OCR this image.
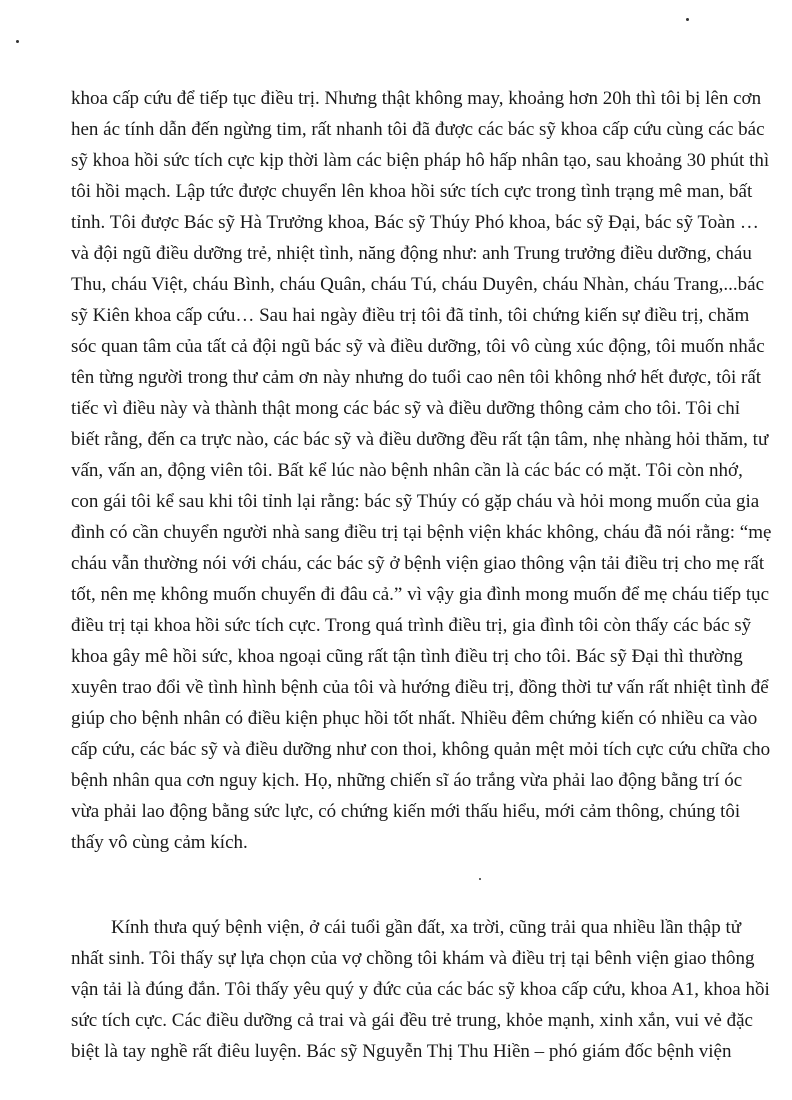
khoa cấp cứu để tiếp tục điều trị. Nhưng thật không may, khoảng hơn 20h thì tôi bị lên cơn
hen ác tính dẫn đến ngừng tim, rất nhanh tôi đã được các bác sỹ khoa cấp cứu cùng các bác
sỹ khoa hồi sức tích cực kịp thời làm các biện pháp hô hấp nhân tạo, sau khoảng 30 phút thì
tôi hồi mạch. Lập tức được chuyển lên khoa hồi sức tích cực trong tình trạng mê man, bất
tỉnh. Tôi được Bác sỹ Hà Trưởng khoa, Bác sỹ Thúy Phó khoa, bác sỹ Đại, bác sỹ Toàn …
và đội ngũ điều dưỡng trẻ, nhiệt tình, năng động như: anh Trung trưởng điều dưỡng, cháu
Thu, cháu Việt, cháu Bình, cháu Quân, cháu Tú, cháu Duyên, cháu Nhàn, cháu Trang,...bác
sỹ Kiên khoa cấp cứu… Sau hai ngày điều trị tôi đã tỉnh, tôi chứng kiến sự điều trị, chăm
sóc quan tâm của tất cả đội ngũ bác sỹ và điều dưỡng, tôi vô cùng xúc động, tôi muốn nhắc
tên từng người trong thư cảm ơn này nhưng do tuổi cao nên tôi không nhớ hết được, tôi rất
tiếc vì điều này và thành thật mong các bác sỹ và điều dưỡng thông cảm cho tôi. Tôi chỉ
biết rằng, đến ca trực nào, các bác sỹ và điều dưỡng đều rất tận tâm, nhẹ nhàng hỏi thăm, tư
vấn, vấn an, động viên tôi. Bất kể lúc nào bệnh nhân cần là các bác có mặt. Tôi còn nhớ,
con gái tôi kể sau khi tôi tỉnh lại rằng: bác sỹ Thúy có gặp cháu và hỏi mong muốn của gia
đình có cần chuyển người nhà sang điều trị tại bệnh viện khác không, cháu đã nói rằng: “mẹ
cháu vẫn thường nói với cháu, các bác sỹ ở bệnh viện giao thông vận tải điều trị cho mẹ rất
tốt, nên mẹ không muốn chuyển đi đâu cả.” vì vậy gia đình mong muốn để mẹ cháu tiếp tục
điều trị tại khoa hồi sức tích cực. Trong quá trình điều trị, gia đình tôi còn thấy các bác sỹ
khoa gây mê hồi sức, khoa ngoại cũng rất tận tình điều trị cho tôi. Bác sỹ Đại thì thường
xuyên trao đổi về tình hình bệnh của tôi và hướng điều trị, đồng thời tư vấn rất nhiệt tình để
giúp cho bệnh nhân có điều kiện phục hồi tốt nhất. Nhiều đêm chứng kiến có nhiều ca vào
cấp cứu, các bác sỹ và điều dưỡng như con thoi, không quản mệt mỏi tích cực cứu chữa cho
bệnh nhân qua cơn nguy kịch. Họ, những chiến sĩ áo trắng vừa phải lao động bằng trí óc
vừa phải lao động bằng sức lực, có chứng kiến mới thấu hiểu, mới cảm thông, chúng tôi
thấy vô cùng cảm kích.
Kính thưa quý bệnh viện, ở cái tuổi gần đất, xa trời, cũng trải qua nhiều lần thập tử
nhất sinh. Tôi thấy sự lựa chọn của vợ chồng tôi khám và điều trị tại bênh viện giao thông
vận tải là đúng đắn. Tôi thấy yêu quý y đức của các bác sỹ khoa cấp cứu, khoa A1, khoa hồi
sức tích cực. Các điều dưỡng cả trai và gái đều trẻ trung, khỏe mạnh, xinh xắn, vui vẻ đặc
biệt là tay nghề rất điêu luyện. Bác sỹ Nguyễn Thị Thu Hiền – phó giám đốc bệnh viện
